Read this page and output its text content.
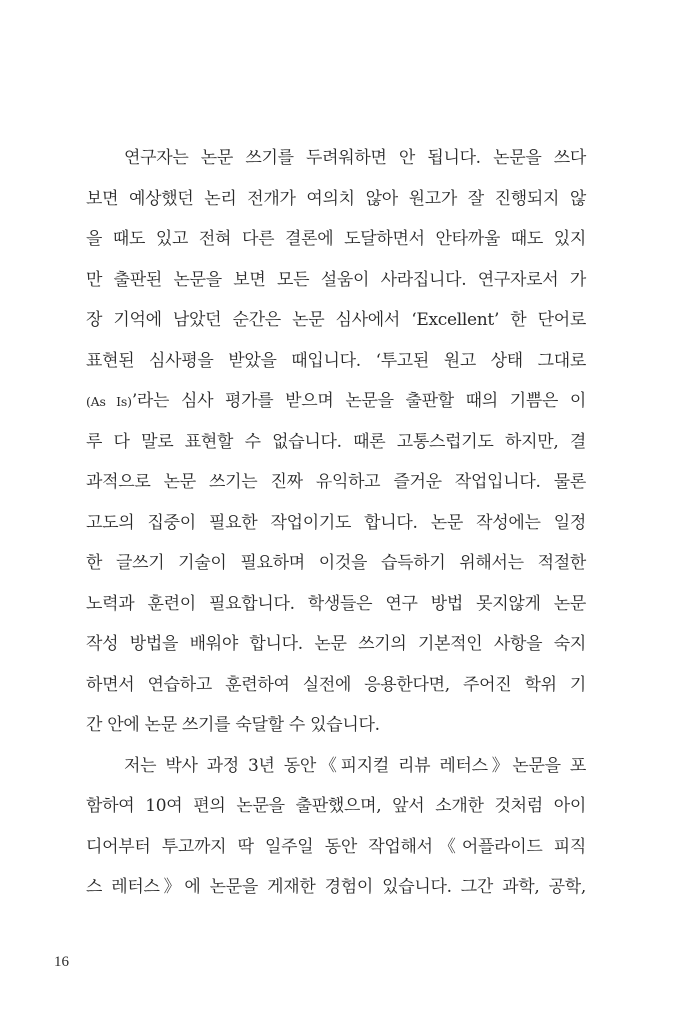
연구자는 논문 쓰기를 두려워하면 안 됩니다. 논문을 쓰다
보면 예상했던 논리 전개가 여의치 않아 원고가 잘 진행되지 않
을 때도 있고 전혀 다른 결론에 도달하면서 안타까울 때도 있지
만 출판된 논문을 보면 모든 설움이 사라집니다. 연구자로서 가
장 기억에 남았던 순간은 논문 심사에서 ‘Excellent’ 한 단어로
표현된 심사평을 받았을 때입니다. ‘투고된 원고 상태 그대로
(As Is)’라는 심사 평가를 받으며 논문을 출판할 때의 기쁨은 이
루 다 말로 표현할 수 없습니다. 때론 고통스럽기도 하지만, 결
과적으로 논문 쓰기는 진짜 유익하고 즐거운 작업입니다. 물론
고도의 집중이 필요한 작업이기도 합니다. 논문 작성에는 일정
한 글쓰기 기술이 필요하며 이것을 습득하기 위해서는 적절한
노력과 훈련이 필요합니다. 학생들은 연구 방법 못지않게 논문
작성 방법을 배워야 합니다. 논문 쓰기의 기본적인 사항을 숙지
하면서 연습하고 훈련하여 실전에 응용한다면, 주어진 학위 기
간 안에 논문 쓰기를 숙달할 수 있습니다.
저는 박사 과정 3년 동안《피지컬 리뷰 레터스》논문을 포
함하여 10여 편의 논문을 출판했으며, 앞서 소개한 것처럼 아이
디어부터 투고까지 딱 일주일 동안 작업해서《어플라이드 피직
스 레터스》에 논문을 게재한 경험이 있습니다. 그간 과학, 공학,
16
